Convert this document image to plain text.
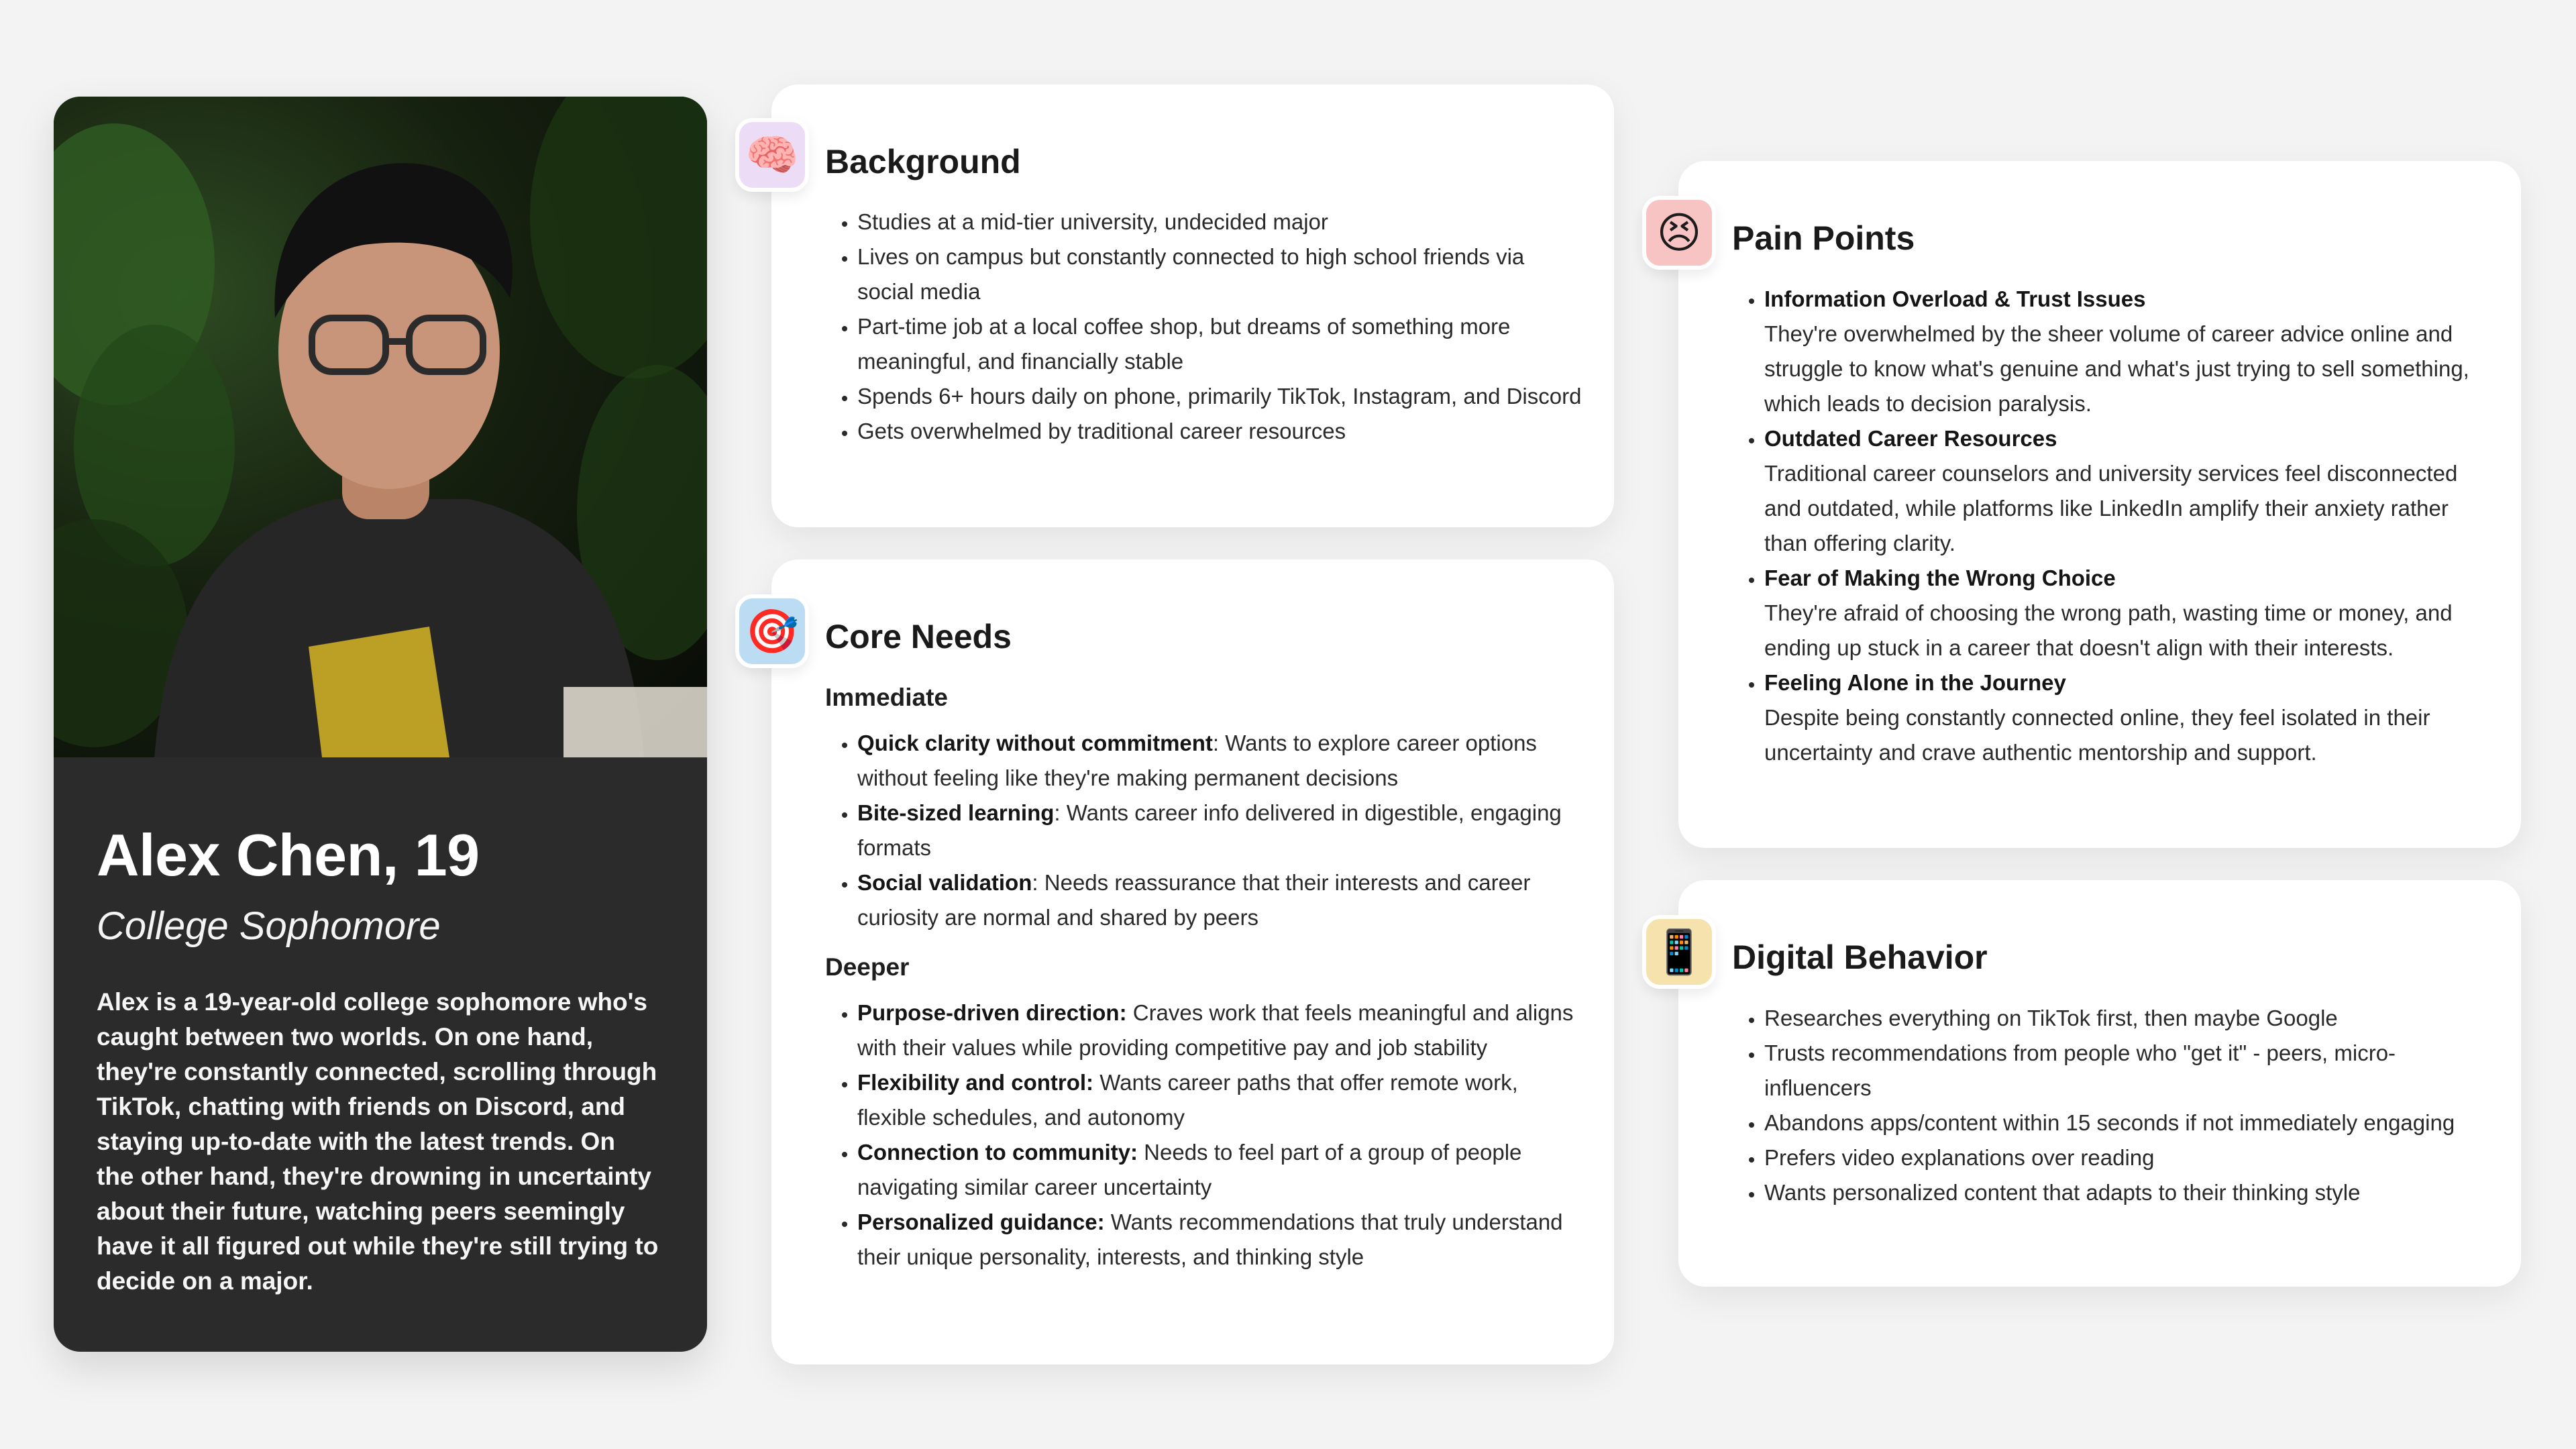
Alex Chen, 19
College Sophomore

Alex is a 19-year-old college sophomore who's caught between two worlds. On one hand, they're constantly connected, scrolling through TikTok, chatting with friends on Discord, and staying up-to-date with the latest trends. On the other hand, they're drowning in uncertainty about their future, watching peers seemingly have it all figured out while they're still trying to decide on a major.

🧠 Background
• Studies at a mid-tier university, undecided major
• Lives on campus but constantly connected to high school friends via social media
• Part-time job at a local coffee shop, but dreams of something more meaningful, and financially stable
• Spends 6+ hours daily on phone, primarily TikTok, Instagram, and Discord
• Gets overwhelmed by traditional career resources
🎯 Core Needs
Immediate
• Quick clarity without commitment: Wants to explore career options without feeling like they're making permanent decisions
• Bite-sized learning: Wants career info delivered in digestible, engaging formats
• Social validation: Needs reassurance that their interests and career curiosity are normal and shared by peers
Deeper
• Purpose-driven direction: Craves work that feels meaningful and aligns with their values while providing competitive pay and job stability
• Flexibility and control: Wants career paths that offer remote work, flexible schedules, and autonomy
• Connection to community: Needs to feel part of a group of people navigating similar career uncertainty
• Personalized guidance: Wants recommendations that truly understand their unique personality, interests, and thinking style
😣 Pain Points
• Information Overload & Trust Issues
They're overwhelmed by the sheer volume of career advice online and struggle to know what's genuine and what's just trying to sell something, which leads to decision paralysis.
• Outdated Career Resources
Traditional career counselors and university services feel disconnected and outdated, while platforms like LinkedIn amplify their anxiety rather than offering clarity.
• Fear of Making the Wrong Choice
They're afraid of choosing the wrong path, wasting time or money, and ending up stuck in a career that doesn't align with their interests.
• Feeling Alone in the Journey
Despite being constantly connected online, they feel isolated in their uncertainty and crave authentic mentorship and support.
📱 Digital Behavior
• Researches everything on TikTok first, then maybe Google
• Trusts recommendations from people who "get it" - peers, micro-influencers
• Abandons apps/content within 15 seconds if not immediately engaging
• Prefers video explanations over reading
• Wants personalized content that adapts to their thinking style
